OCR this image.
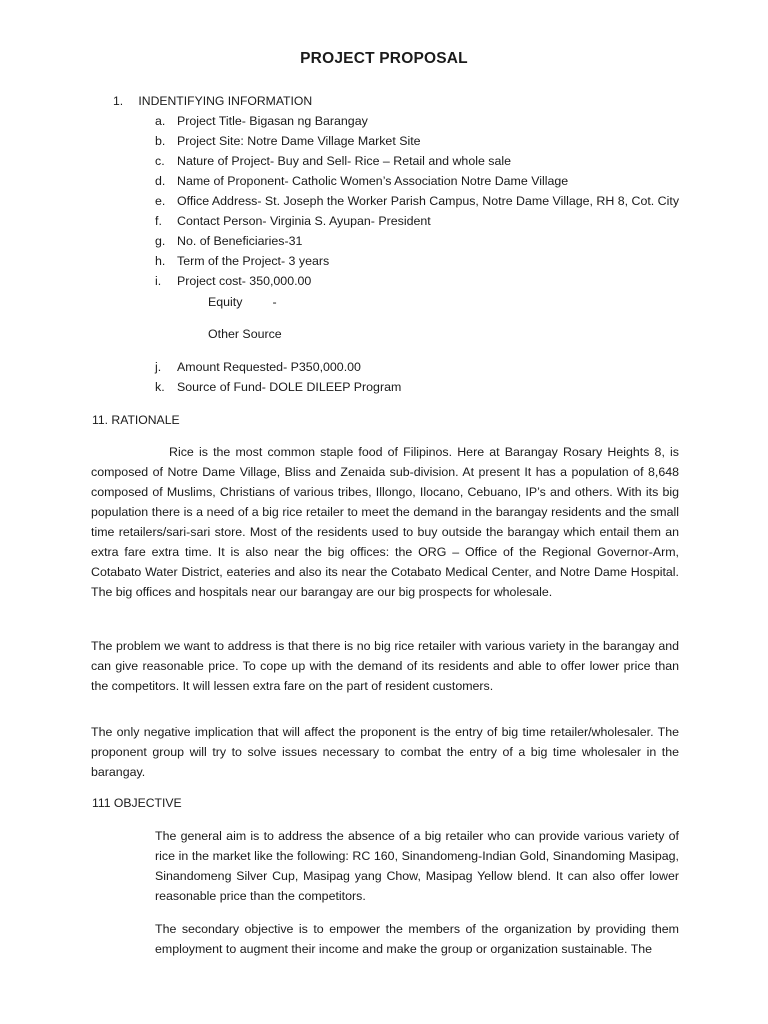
PROJECT PROPOSAL
1. INDENTIFYING INFORMATION
a. Project Title- Bigasan ng Barangay
b. Project Site: Notre Dame Village Market Site
c. Nature of Project- Buy and Sell- Rice – Retail and whole sale
d. Name of Proponent- Catholic Women’s Association Notre Dame Village
e. Office Address- St. Joseph the Worker Parish Campus, Notre Dame Village, RH 8, Cot. City
f. Contact Person- Virginia S. Ayupan- President
g. No. of Beneficiaries-31
h. Term of the Project- 3 years
i. Project cost- 350,000.00
Equity -
Other Source
j. Amount Requested- P350,000.00
k. Source of Fund- DOLE DILEEP Program
11. RATIONALE
Rice is the most common staple food of Filipinos. Here at Barangay Rosary Heights 8, is composed of Notre Dame Village, Bliss and Zenaida sub-division. At present It has a population of 8,648 composed of Muslims, Christians of various tribes, Illongo, Ilocano, Cebuano, IP’s and others. With its big population there is a need of a big rice retailer to meet the demand in the barangay residents and the small time retailers/sari-sari store. Most of the residents used to buy outside the barangay which entail them an extra fare extra time. It is also near the big offices: the ORG – Office of the Regional Governor-Arm, Cotabato Water District, eateries and also its near the Cotabato Medical Center, and Notre Dame Hospital. The big offices and hospitals near our barangay are our big prospects for wholesale.
The problem we want to address is that there is no big rice retailer with various variety in the barangay and can give reasonable price. To cope up with the demand of its residents and able to offer lower price than the competitors. It will lessen extra fare on the part of resident customers.
The only negative implication that will affect the proponent is the entry of big time retailer/wholesaler. The proponent group will try to solve issues necessary to combat the entry of a big time wholesaler in the barangay.
111 OBJECTIVE
The general aim is to address the absence of a big retailer who can provide various variety of rice in the market like the following: RC 160, Sinandomeng-Indian Gold, Sinandoming Masipag, Sinandomeng Silver Cup, Masipag yang Chow, Masipag Yellow blend. It can also offer lower reasonable price than the competitors.
The secondary objective is to empower the members of the organization by providing them employment to augment their income and make the group or organization sustainable. The
